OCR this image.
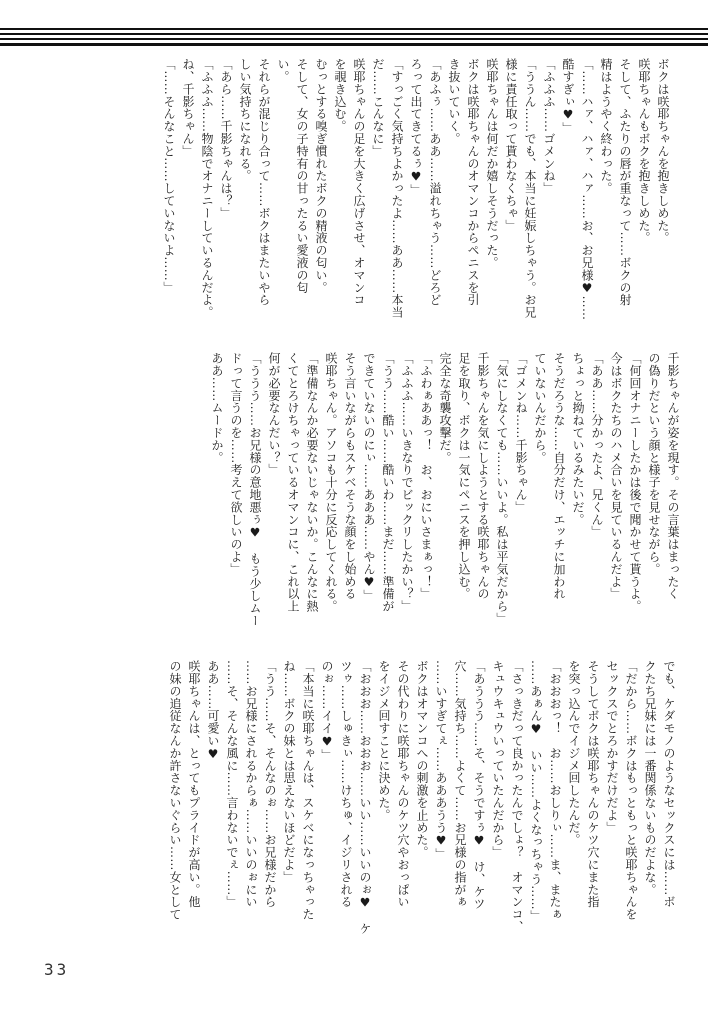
ボクは咲耶ちゃんを抱きしめた。
咲耶ちゃんもボクを抱きしめた。
そして、ふたりの唇が重なって……ボクの射
精はようやく終わった。
「……ハァ、ハァ、ハァ……お、お兄様♥……
酷すぎぃ♥」
「ふふふ……ゴメンね」
「ううん……でも、本当に妊娠しちゃう。お兄
様に責任取って貰わなくちゃ」
咲耶ちゃんは何だか嬉しそうだった。
ボクは咲耶ちゃんのオマンコからペニスを引
き抜いていく。
「あふぅ……ああ……溢れちゃう……どろど
ろって出てきてるぅ♥」
「すっごく気持ちよかったよ……ああ……本当
だ……こんなに」
咲耶ちゃんの足を大きく広げさせ、オマンコ
を覗き込む。
むっとする嗅ぎ慣れたボクの精液の匂い。
そして、女の子特有の甘ったるい愛液の匂
い。
それらが混じり合って……ボクはまたいやら
しい気持ちになれる。
「あら……千影ちゃんは？」
「ふふふ……物陰でオナニーしているんだよ。
ね、千影ちゃん」
「……そんなこと……していないよ……」
千影ちゃんが姿を現す。その言葉はまったく
の偽りだという顔と様子を見せながら。
「何回オナニーしたかは後で聞かせて貰うよ。
今はボクたちのハメ合いを見ているんだよ」
「ああ……分かったよ、兄くん」
ちょっと拗ねているみたいだ。
そうだろうな……自分だけ、エッチに加われ
ていないんだから。
「ゴメンね……千影ちゃん」
「気にしなくても……いいよ。私は平気だから」
千影ちゃんを気にしようとする咲耶ちゃんの
足を取り、ボクは一気にペニスを押し込む。
完全な奇襲攻撃だ。
「ふわぁああっ！　お、おにいさまぁっ！」
「ふふふ……いきなりでビックリしたかい？」
「うう……酷い……酷いわ……まだ……準備が
できていないのにぃ……あああ……やん♥」
そう言いながらもスケベそうな顔をし始める
咲耶ちゃん。アソコも十分に反応してくれる。
「準備なんか必要ないじゃないか。こんなに熱
くてとろけちゃっているオマンコに、これ以上
何が必要なんだい？」
「ううう……お兄様の意地悪ぅ♥　もう少しムー
ドって言うのを……考えて欲しいのよ」
ああ……ムードか。
でも、ケダモノのようなセックスには……ボ
クたち兄妹には一番関係ないものだよな。
「だから……ボクはもっともっと咲耶ちゃんを
セックスでとろかすだけだよ」
そうしてボクは咲耶ちゃんのケツ穴にまた指
を突っ込んでイジメ回したんだ。
「おおおっ！　お……おしりぃ……ま、またぁ
……あぁん♥　いい……よくなっちゃう……」
「さっきだって良かったんでしょ？　オマンコ、
キュウキュウいっていたんだから」
「あううう……そ、そうですぅ♥　け、ケツ
穴……気持ち……よくて……お兄様の指がぁ
……いすぎてぇ……あああうう♥」
ボクはオマンコへの刺激を止めた。
その代わりに咲耶ちゃんのケツ穴やおっぱい
をイジメ回すことに決めた。
「おおお……おおお……いい……いいのぉ♥　ケ
ツゥ……しゅきぃ……けちゅ、イジリされる
のぉ……イイ♥」
「本当に咲耶ちゃんは、スケベになっちゃった
ね……ボクの妹とは思えないほどだよ」
「うう……そ、そんなのぉ……お兄様だから
……お兄様にされるからぁ……いいのぉにい
……そ、そんな風に……言わないでぇ……」
ああ……可愛い♥
咲耶ちゃんは、とってもプライドが高い。他
の妹の追従なんか許さないぐらい……女として
33
